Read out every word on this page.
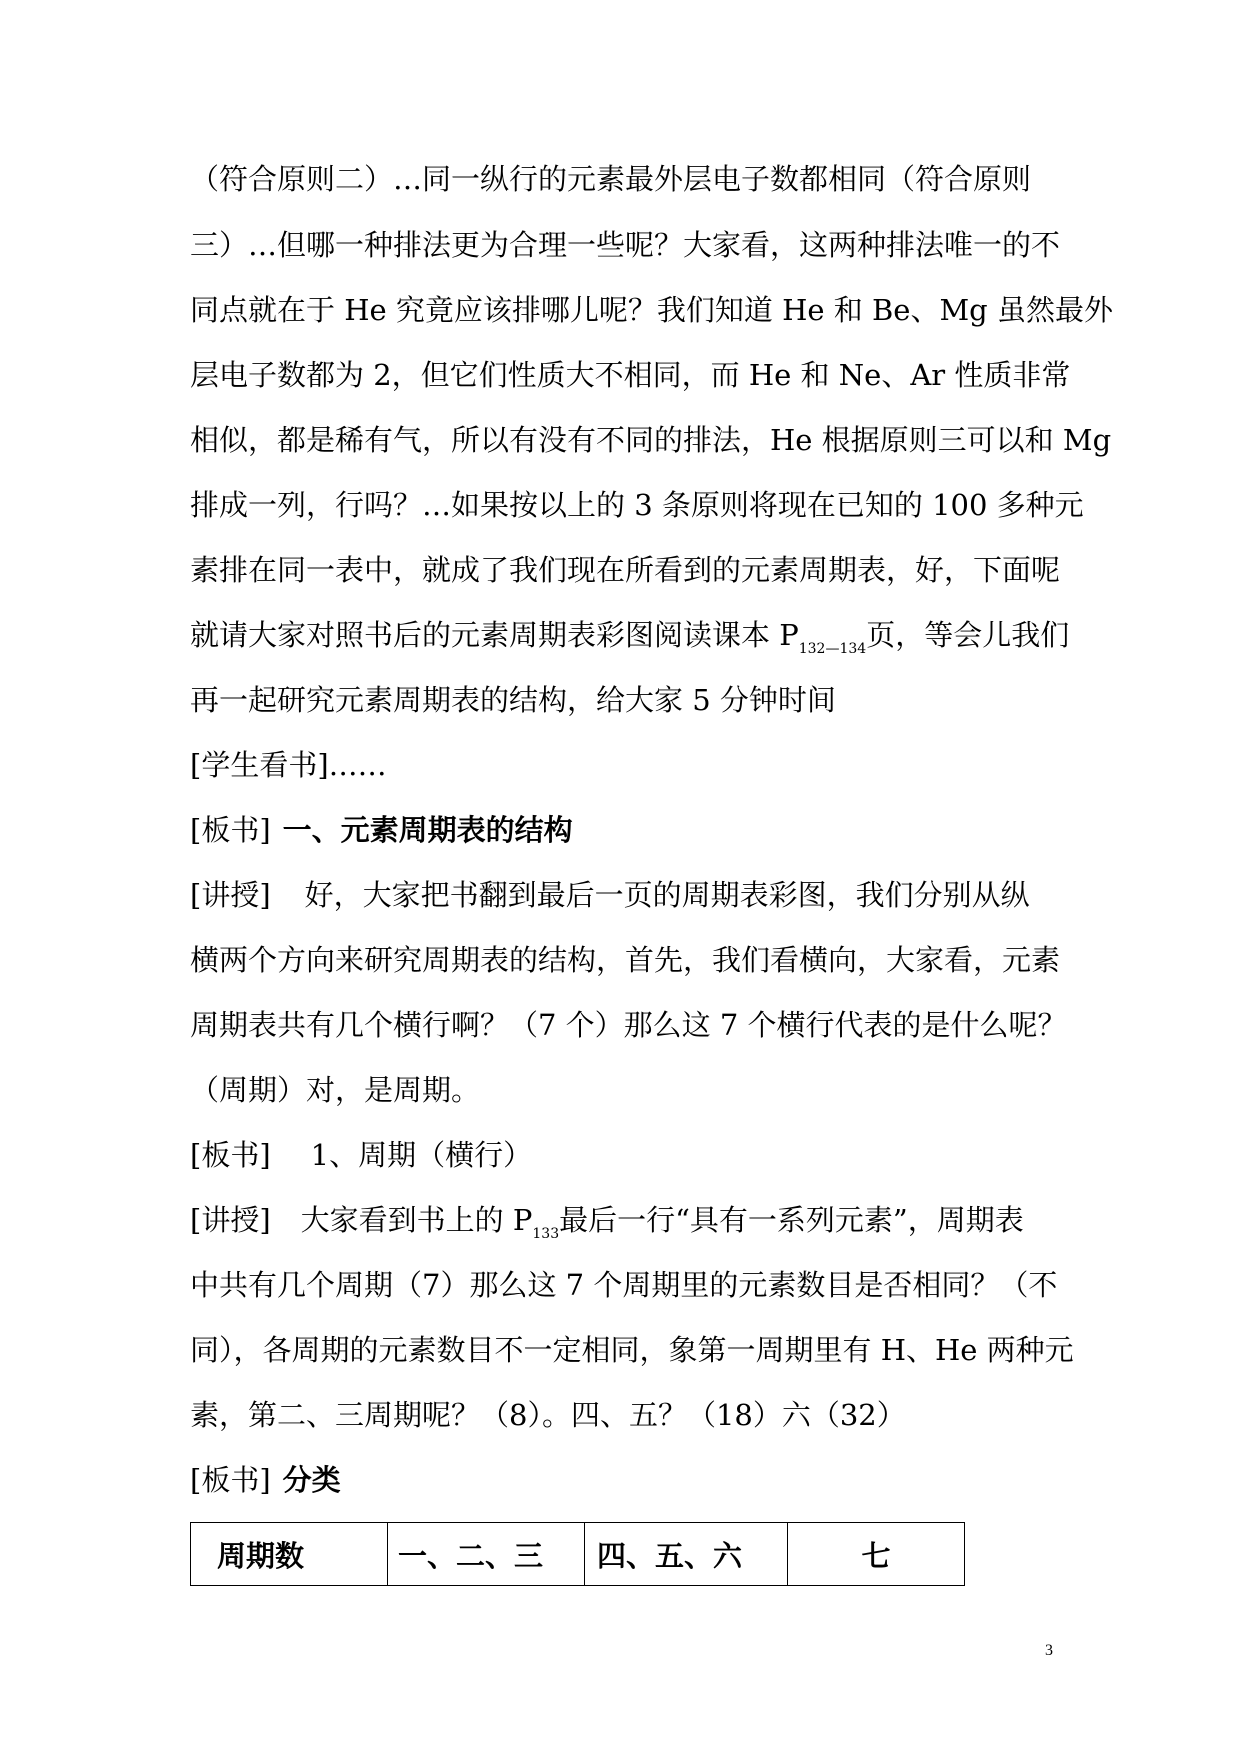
（符合原则二）…同一纵行的元素最外层电子数都相同（符合原则
三）…但哪一种排法更为合理一些呢？大家看，这两种排法唯一的不
同点就在于 He 究竟应该排哪儿呢？我们知道 He 和 Be、Mg 虽然最外
层电子数都为 2，但它们性质大不相同，而 He 和 Ne、Ar 性质非常
相似，都是稀有气，所以有没有不同的排法，He 根据原则三可以和 Mg
排成一列，行吗？…如果按以上的 3 条原则将现在已知的 100 多种元
素排在同一表中，就成了我们现在所看到的元素周期表，好，下面呢
就请大家对照书后的元素周期表彩图阅读课本 $P_{132—134}$页，等会儿我们
再一起研究元素周期表的结构，给大家 5 分钟时间
[学生看书]……
[板书] 一、元素周期表的结构
[讲授] 好，大家把书翻到最后一页的周期表彩图，我们分别从纵
横两个方向来研究周期表的结构，首先，我们看横向，大家看，元素
周期表共有几个横行啊？（7 个）那么这 7 个横行代表的是什么呢？
（周期）对，是周期。
[板书] 1、周期（横行）
[讲授] 大家看到书上的 $P_{133}$最后一行“具有一系列元素”，周期表
中共有几个周期（7）那么这 7 个周期里的元素数目是否相同？（不
同），各周期的元素数目不一定相同，象第一周期里有 H、He 两种元
素，第二、三周期呢？（8）。四、五？（18）六（32）
[板书] 分类
周期数	一、二、三	四、五、六	七
3
